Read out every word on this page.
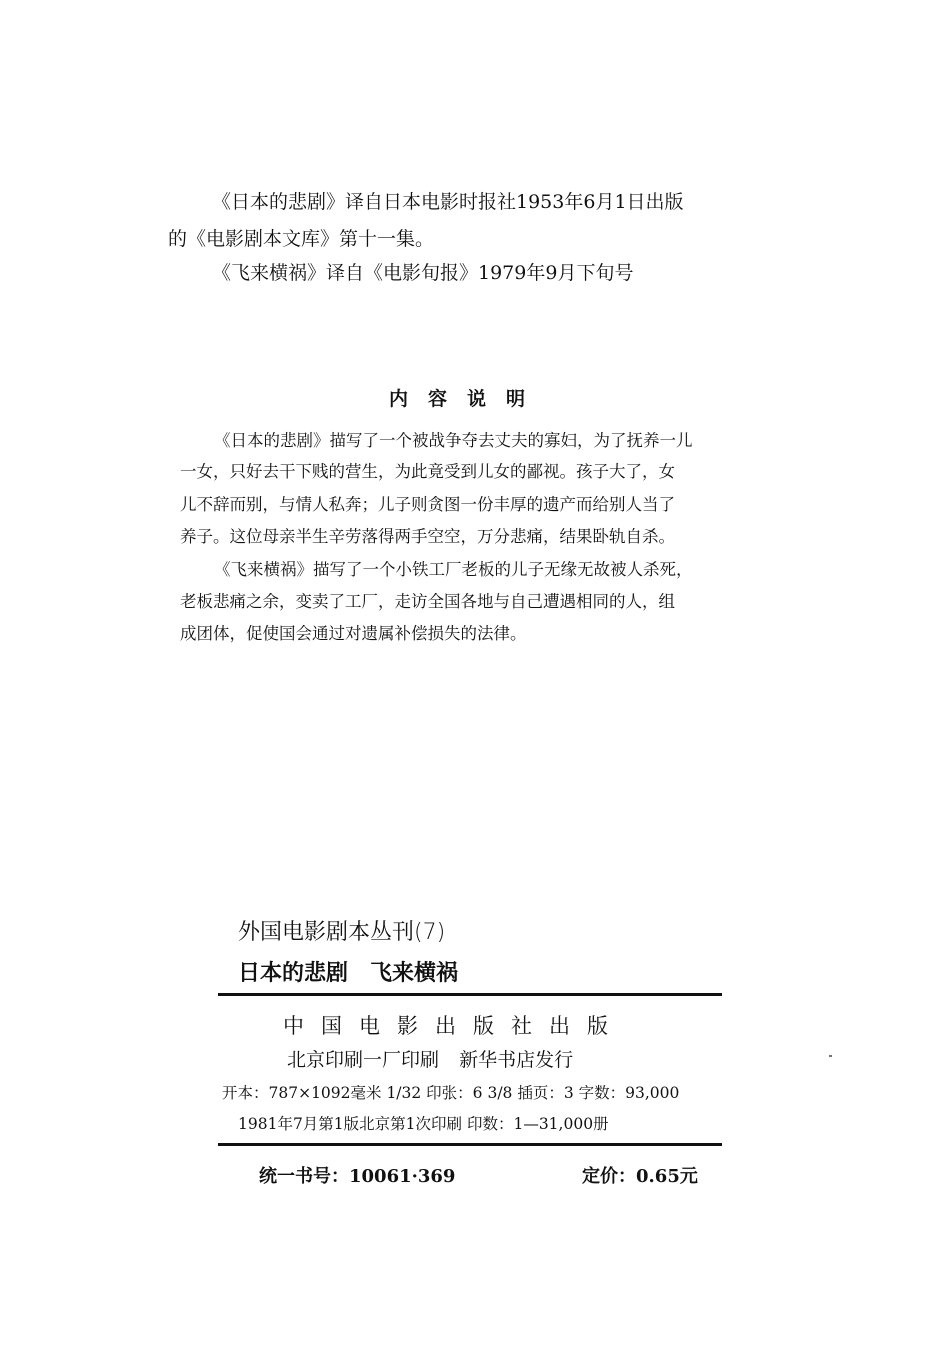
《日本的悲剧》译自日本电影时报社1953年6月1日出版
的《电影剧本文库》第十一集。
《飞来横祸》译自《电影旬报》1979年9月下旬号
内容说明
《日本的悲剧》描写了一个被战争夺去丈夫的寡妇，为了抚养一儿
一女，只好去干下贱的营生，为此竟受到儿女的鄙视。孩子大了，女
儿不辞而别，与情人私奔；儿子则贪图一份丰厚的遗产而给别人当了
养子。这位母亲半生辛劳落得两手空空，万分悲痛，结果卧轨自杀。
《飞来横祸》描写了一个小铁工厂老板的儿子无缘无故被人杀死，
老板悲痛之余，变卖了工厂，走访全国各地与自己遭遇相同的人，组
成团体，促使国会通过对遗属补偿损失的法律。
外国电影剧本丛刊(7)
日本的悲剧　飞来横祸
中国电影出版社出版
北京印刷一厂印刷 新华书店发行
开本：787×1092毫米 1/32 印张：6 3/8 插页：3 字数：93,000
1981年7月第1版北京第1次印刷 印数：1—31,000册
统一书号：10061·369	定价：0.65元
